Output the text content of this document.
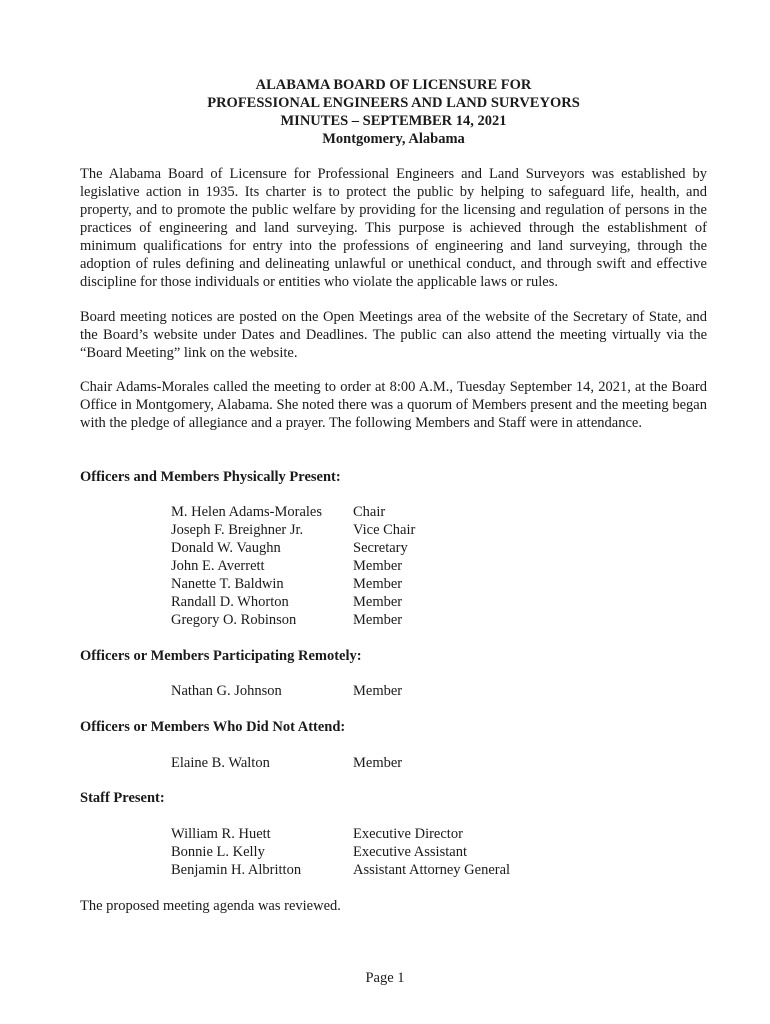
ALABAMA BOARD OF LICENSURE FOR
PROFESSIONAL ENGINEERS AND LAND SURVEYORS
MINUTES – SEPTEMBER 14, 2021
Montgomery, Alabama

The Alabama Board of Licensure for Professional Engineers and Land Surveyors was established by legislative action in 1935. Its charter is to protect the public by helping to safeguard life, health, and property, and to promote the public welfare by providing for the licensing and regulation of persons in the practices of engineering and land surveying. This purpose is achieved through the establishment of minimum qualifications for entry into the professions of engineering and land surveying, through the adoption of rules defining and delineating unlawful or unethical conduct, and through swift and effective discipline for those individuals or entities who violate the applicable laws or rules.

Board meeting notices are posted on the Open Meetings area of the website of the Secretary of State, and the Board’s website under Dates and Deadlines. The public can also attend the meeting virtually via the “Board Meeting” link on the website.

Chair Adams-Morales called the meeting to order at 8:00 A.M., Tuesday September 14, 2021, at the Board Office in Montgomery, Alabama. She noted there was a quorum of Members present and the meeting began with the pledge of allegiance and a prayer. The following Members and Staff were in attendance.

Officers and Members Physically Present:
M. Helen Adams-Morales	Chair
Joseph F. Breighner Jr.	Vice Chair
Donald W. Vaughn	Secretary
John E. Averrett	Member
Nanette T. Baldwin	Member
Randall D. Whorton	Member
Gregory O. Robinson	Member
Officers or Members Participating Remotely:
Nathan G. Johnson	Member
Officers or Members Who Did Not Attend:
Elaine B. Walton	Member
Staff Present:
William R. Huett	Executive Director
Bonnie L. Kelly	Executive Assistant
Benjamin H. Albritton	Assistant Attorney General

The proposed meeting agenda was reviewed.

Page 1
